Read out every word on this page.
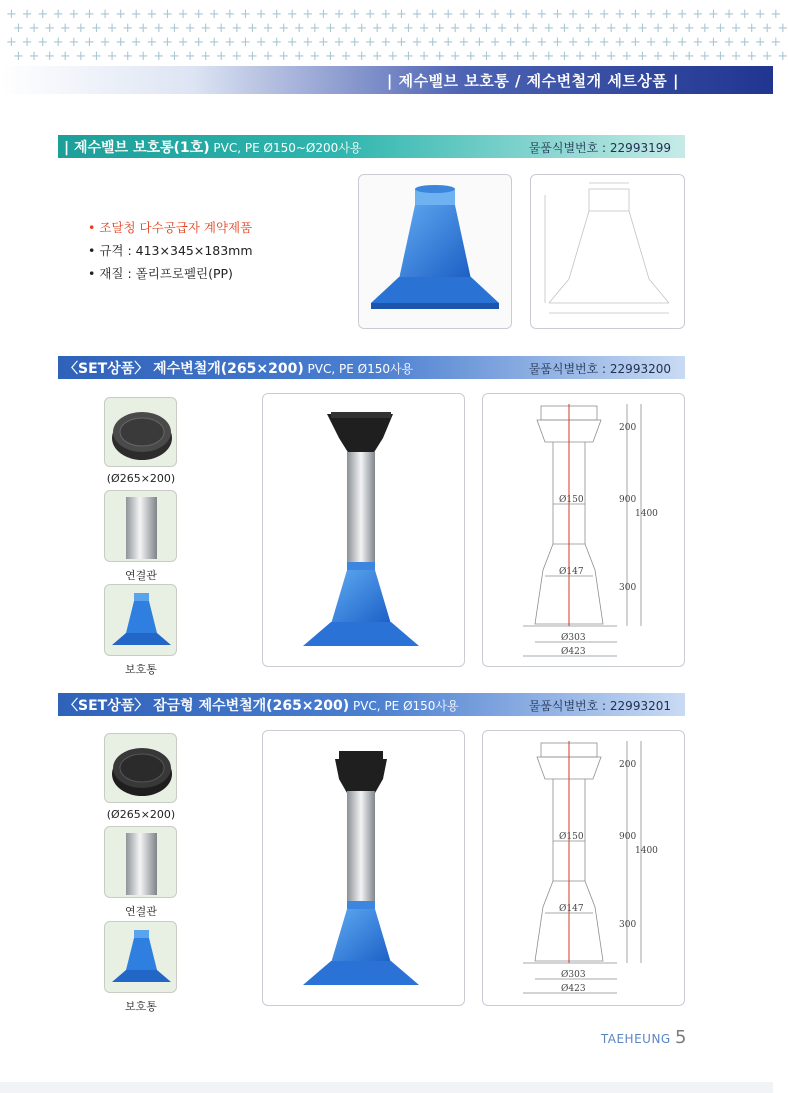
+ + + + + + + + + + + + + + + + + + + + + + + + + + + + + + + + + + + + + + + + + + + + + + + + + +
+ + + + + + + + + + + + + + + + + + + + + + + + + + + + + + + + + + + + + + + + + + + + + + + + + +
+ + + + + + + + + + + + + + + + + + + + + + + + + + + + + + + + + + + + + + + + + + + + + + + + + +
+ + + + + + + + + + + + + + + + + + + + + + + + + + + + + + + + + + + + + + + + + + + + + + + + + +
| 제수밸브 보호통 / 제수변철개 세트상품 |
| 제수밸브 보호통(1호) PVC, PE Ø150~Ø200사용	물품식별번호 : 22993199
• 조달청 다수공급자 계약제품
• 규격 : 413×345×183mm
• 재질 : 폴리프로펠린(PP)
〈SET상품〉 제수변철개(265×200) PVC, PE Ø150사용	물품식별번호 : 22993200
(Ø265×200)
연결관
보호통
200
900
1400
300
Ø150
Ø147
Ø303
Ø423
〈SET상품〉 잠금형 제수변철개(265×200) PVC, PE Ø150사용	물품식별번호 : 22993201
(Ø265×200)
연결관
보호통
200
900
1400
300
Ø150
Ø147
Ø303
Ø423
TAEHEUNG 5
